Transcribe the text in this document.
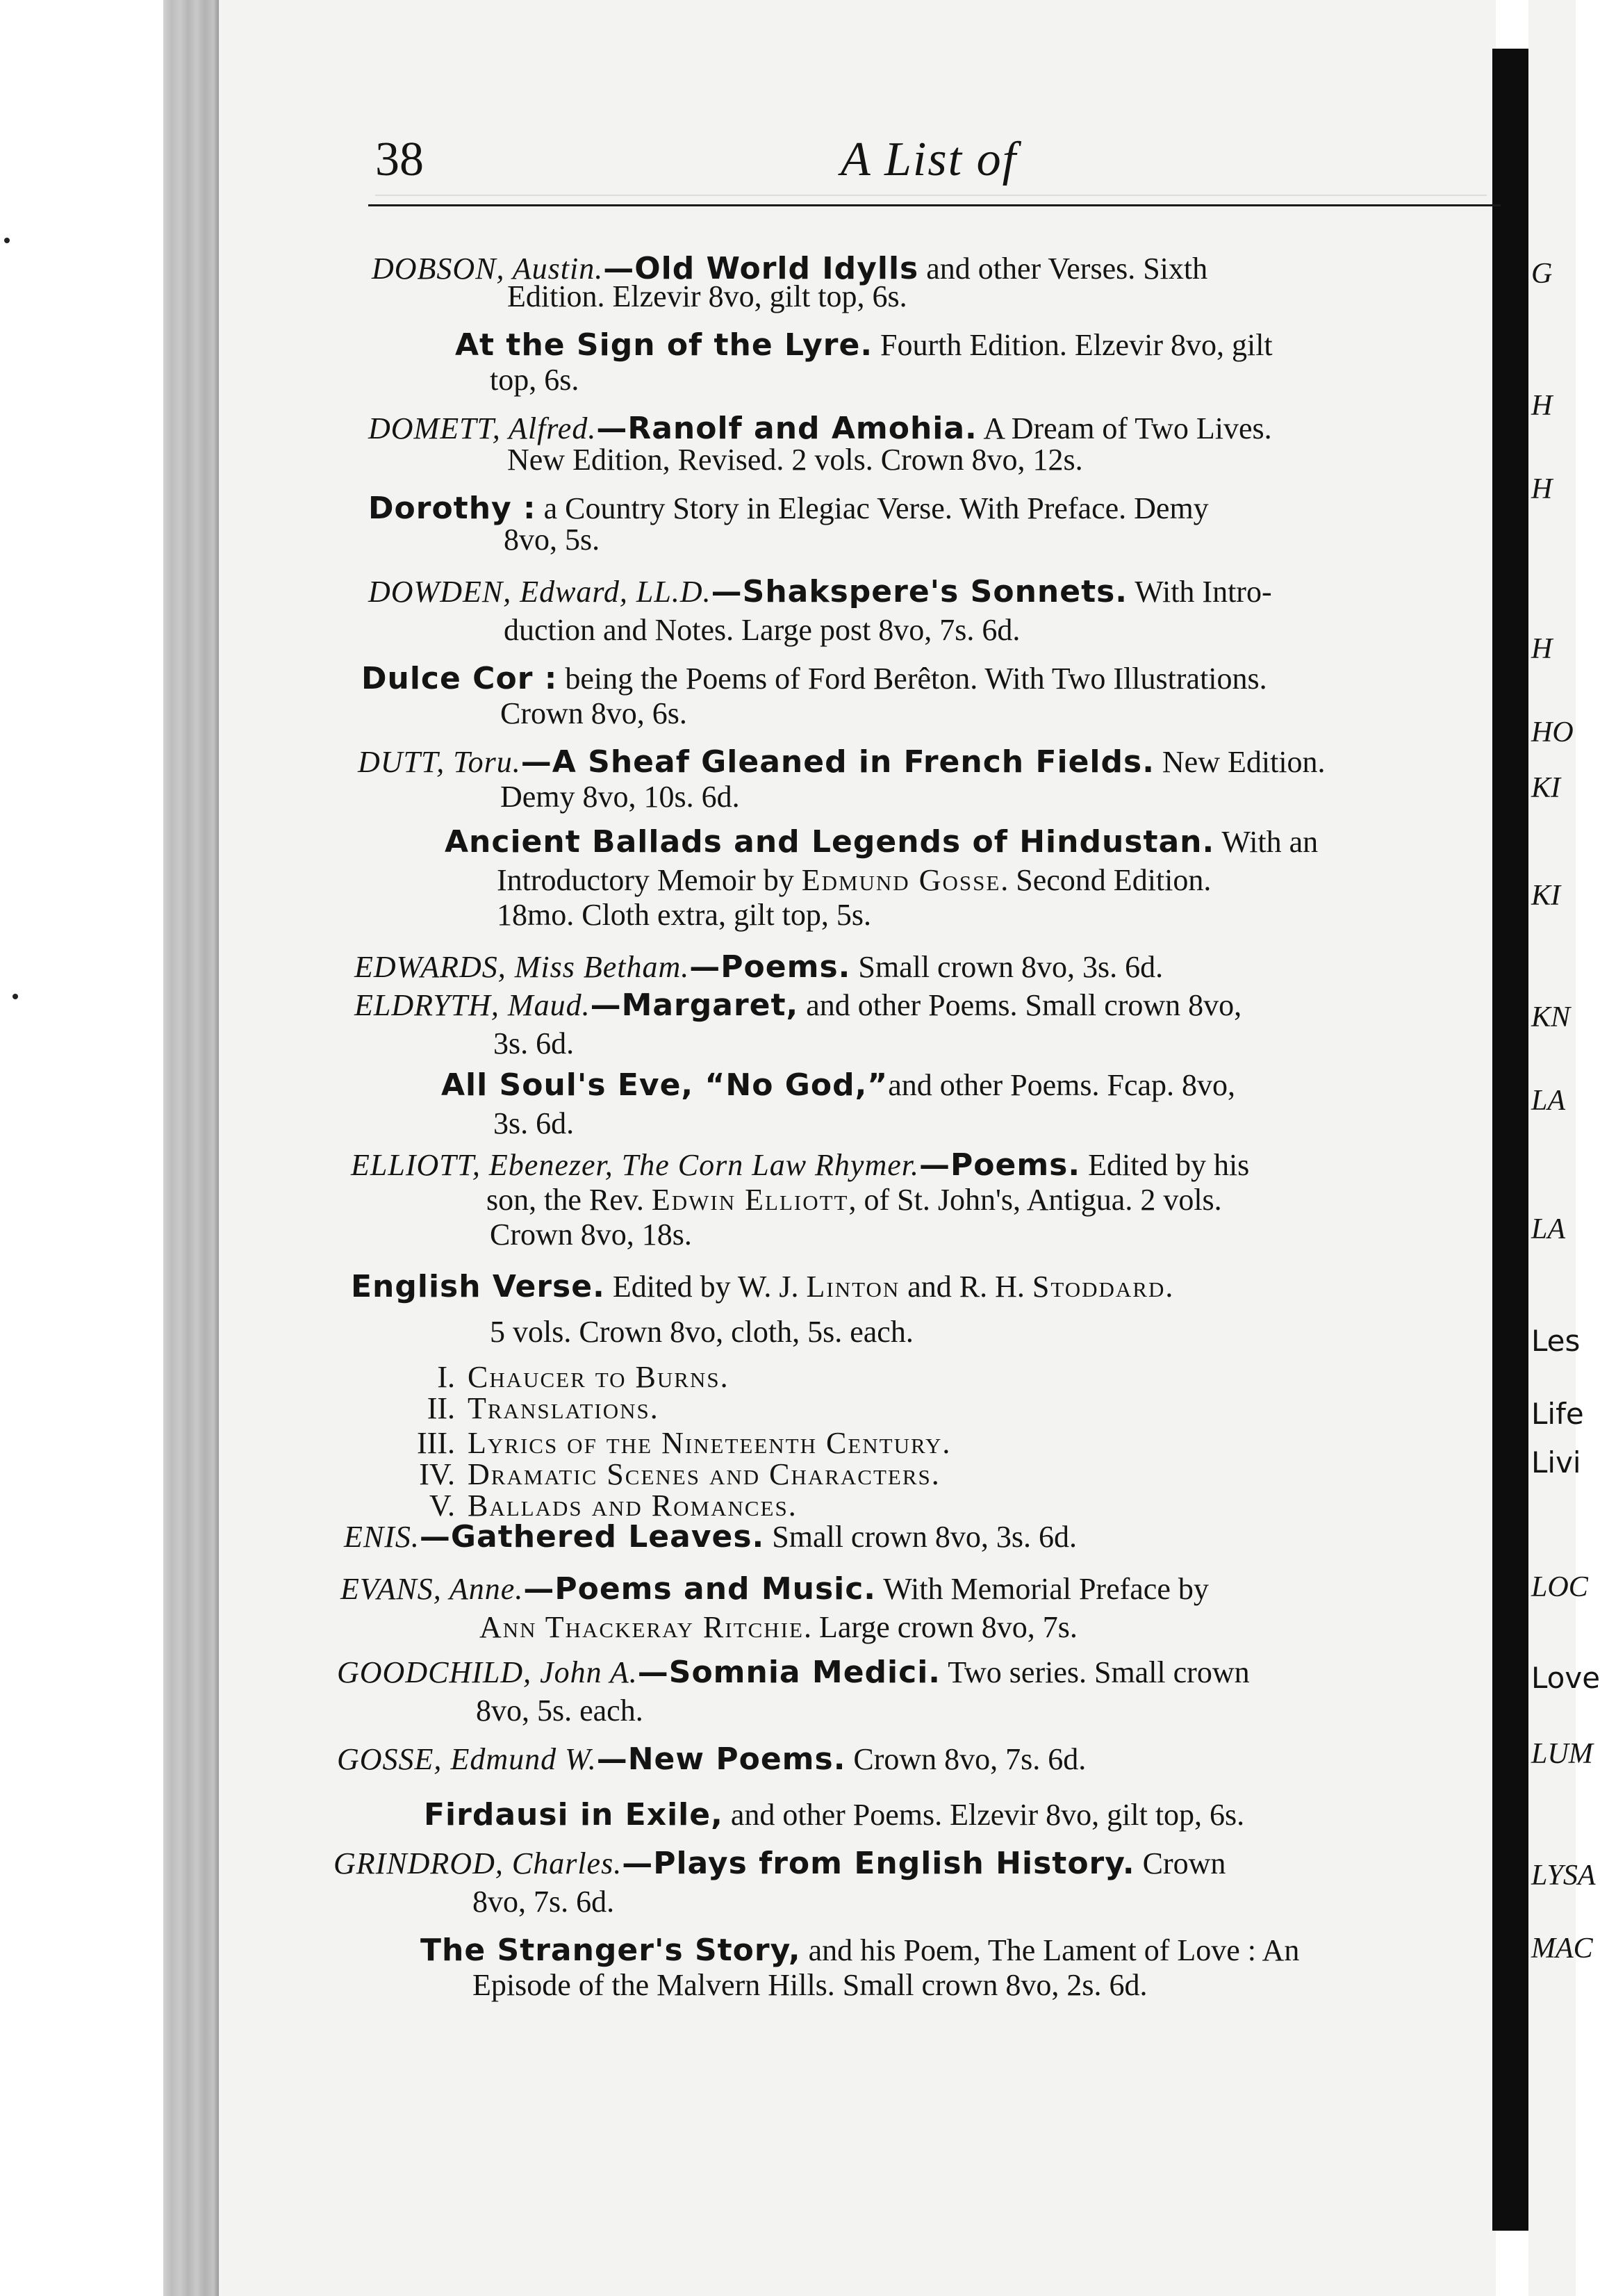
G
H
H
H
HO
KI
KI
KN
LA
LA
Les
Life
Livi
LOC
Love
LUM
LYSA
MAC
38	A List of
DOBSON, Austin.—Old World Idylls and other Verses. Sixth
Edition. Elzevir 8vo, gilt top, 6s.
At the Sign of the Lyre. Fourth Edition. Elzevir 8vo, gilt
top, 6s.
DOMETT, Alfred.—Ranolf and Amohia. A Dream of Two Lives.
New Edition, Revised. 2 vols. Crown 8vo, 12s.
Dorothy : a Country Story in Elegiac Verse. With Preface. Demy
8vo, 5s.
DOWDEN, Edward, LL.D.—Shakspere's Sonnets. With Intro-
duction and Notes. Large post 8vo, 7s. 6d.
Dulce Cor : being the Poems of Ford Berêton. With Two Illustrations.
Crown 8vo, 6s.
DUTT, Toru.—A Sheaf Gleaned in French Fields. New Edition.
Demy 8vo, 10s. 6d.
Ancient Ballads and Legends of Hindustan. With an
Introductory Memoir by Edmund Gosse. Second Edition.
18mo. Cloth extra, gilt top, 5s.
EDWARDS, Miss Betham.—Poems. Small crown 8vo, 3s. 6d.
ELDRYTH, Maud.—Margaret, and other Poems. Small crown 8vo,
3s. 6d.
All Soul's Eve, “No God,”and other Poems. Fcap. 8vo,
3s. 6d.
ELLIOTT, Ebenezer, The Corn Law Rhymer.—Poems. Edited by his
son, the Rev. Edwin Elliott, of St. John's, Antigua. 2 vols.
Crown 8vo, 18s.
English Verse. Edited by W. J. Linton and R. H. Stoddard.
5 vols. Crown 8vo, cloth, 5s. each.
I. Chaucer to Burns.
II. Translations.
III. Lyrics of the Nineteenth Century.
IV. Dramatic Scenes and Characters.
V. Ballads and Romances.
ENIS.—Gathered Leaves. Small crown 8vo, 3s. 6d.
EVANS, Anne.—Poems and Music. With Memorial Preface by
Ann Thackeray Ritchie. Large crown 8vo, 7s.
GOODCHILD, John A.—Somnia Medici. Two series. Small crown
8vo, 5s. each.
GOSSE, Edmund W.—New Poems. Crown 8vo, 7s. 6d.
Firdausi in Exile, and other Poems. Elzevir 8vo, gilt top, 6s.
GRINDROD, Charles.—Plays from English History. Crown
8vo, 7s. 6d.
The Stranger's Story, and his Poem, The Lament of Love : An
Episode of the Malvern Hills. Small crown 8vo, 2s. 6d.
